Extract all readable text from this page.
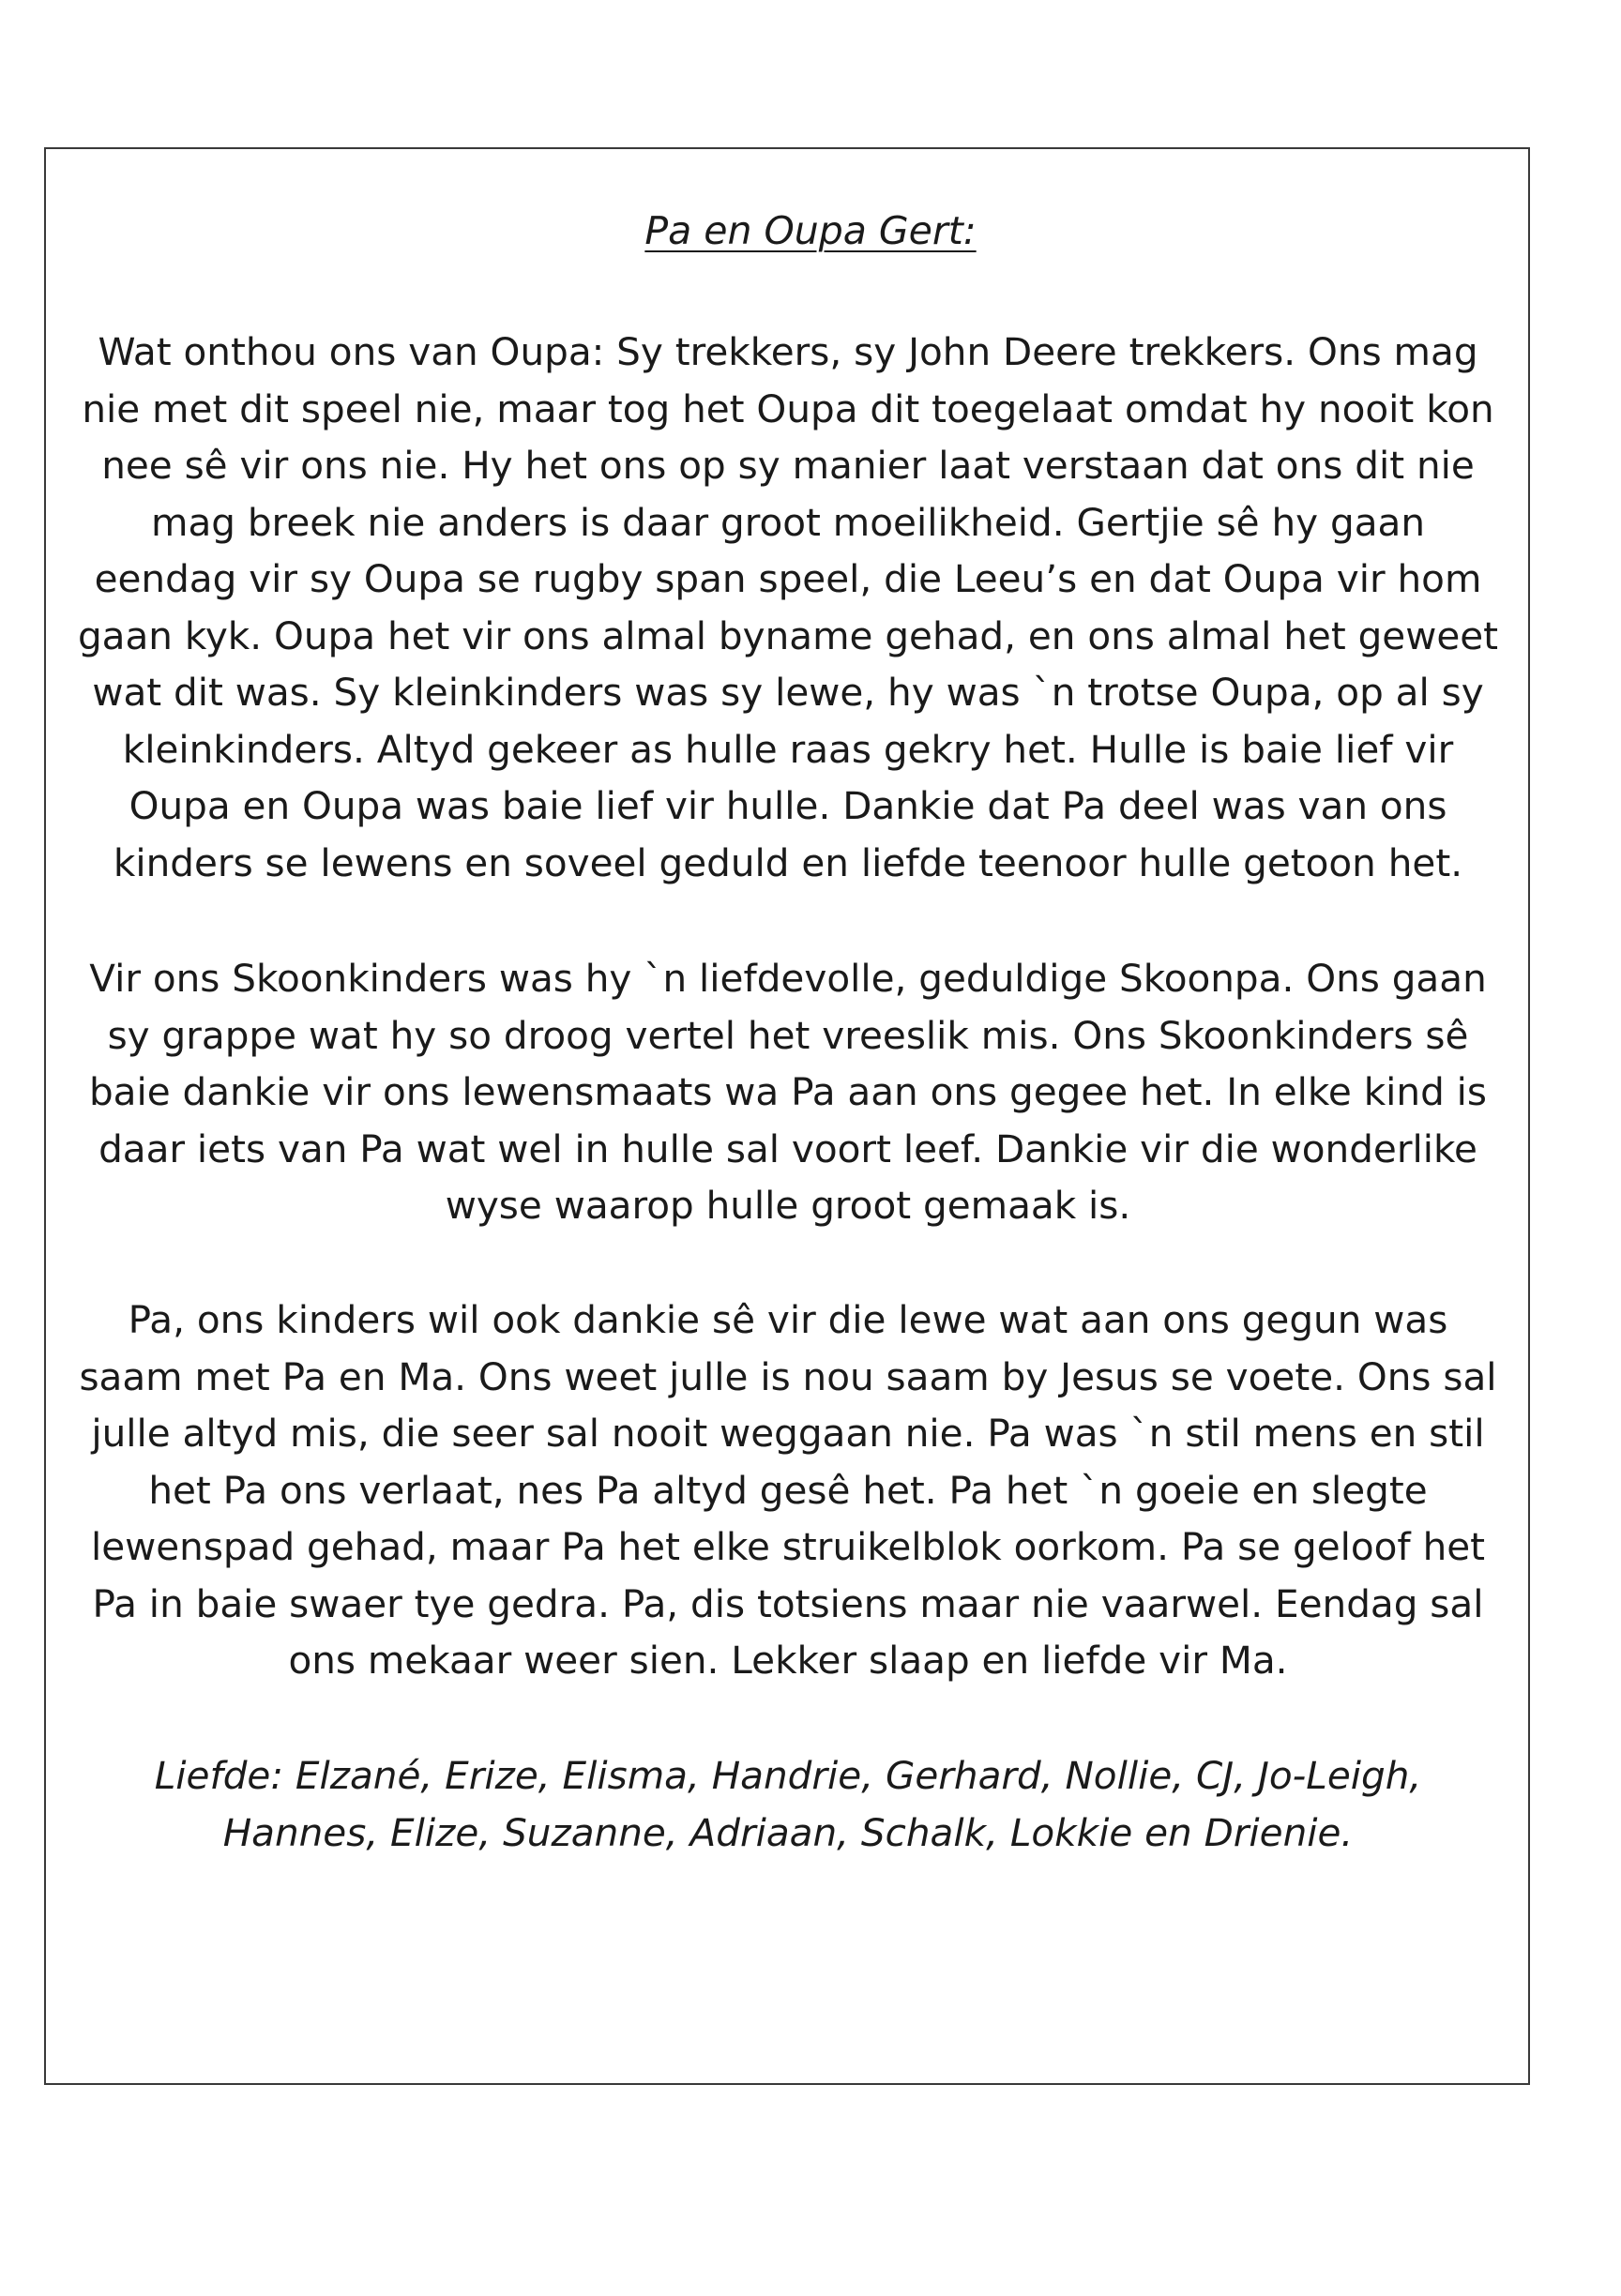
Pa en Oupa Gert:
Wat onthou ons van Oupa: Sy trekkers, sy John Deere trekkers. Ons mag
nie met dit speel nie, maar tog het Oupa dit toegelaat omdat hy nooit kon
nee sê vir ons nie. Hy het ons op sy manier laat verstaan dat ons dit nie
mag breek nie anders is daar groot moeilikheid. Gertjie sê hy gaan
eendag vir sy Oupa se rugby span speel, die Leeu’s en dat Oupa vir hom
gaan kyk. Oupa het vir ons almal byname gehad, en ons almal het geweet
wat dit was. Sy kleinkinders was sy lewe, hy was `n trotse Oupa, op al sy
kleinkinders. Altyd gekeer as hulle raas gekry het. Hulle is baie lief vir
Oupa en Oupa was baie lief vir hulle. Dankie dat Pa deel was van ons
kinders se lewens en soveel geduld en liefde teenoor hulle getoon het.
Vir ons Skoonkinders was hy `n liefdevolle, geduldige Skoonpa. Ons gaan
sy grappe wat hy so droog vertel het vreeslik mis. Ons Skoonkinders sê
baie dankie vir ons lewensmaats wa Pa aan ons gegee het. In elke kind is
daar iets van Pa wat wel in hulle sal voort leef. Dankie vir die wonderlike
wyse waarop hulle groot gemaak is.
Pa, ons kinders wil ook dankie sê vir die lewe wat aan ons gegun was
saam met Pa en Ma. Ons weet julle is nou saam by Jesus se voete. Ons sal
julle altyd mis, die seer sal nooit weggaan nie. Pa was `n stil mens en stil
het Pa ons verlaat, nes Pa altyd gesê het. Pa het `n goeie en slegte
lewenspad gehad, maar Pa het elke struikelblok oorkom. Pa se geloof het
Pa in baie swaer tye gedra. Pa, dis totsiens maar nie vaarwel. Eendag sal
ons mekaar weer sien. Lekker slaap en liefde vir Ma.
Liefde: Elzané, Erize, Elisma, Handrie, Gerhard, Nollie, CJ, Jo-Leigh,
Hannes, Elize, Suzanne, Adriaan, Schalk, Lokkie en Drienie.
